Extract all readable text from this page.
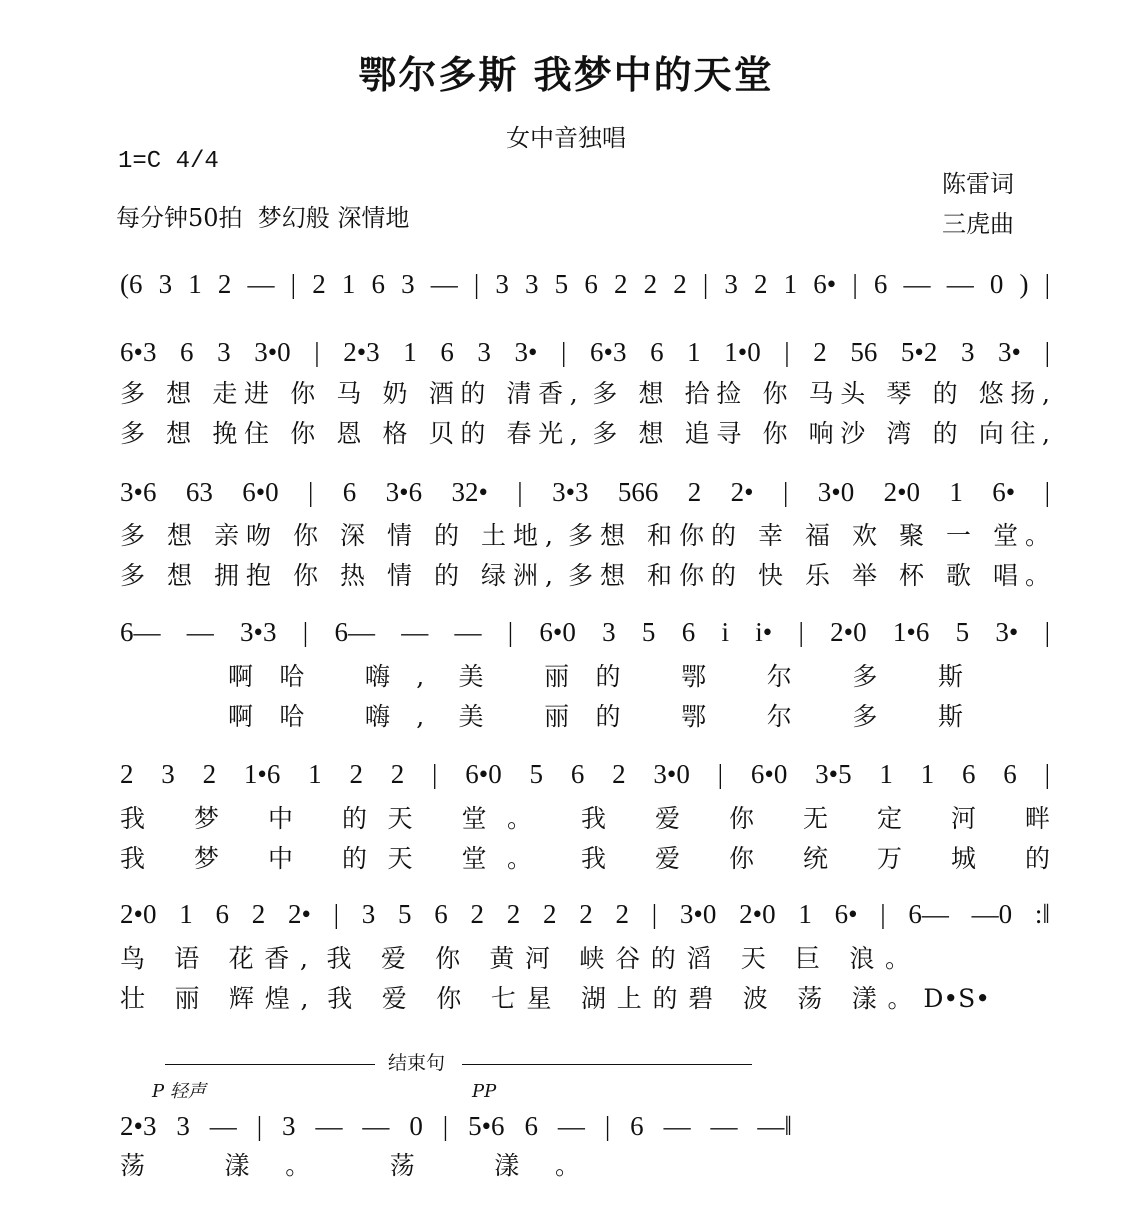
鄂尔多斯 我梦中的天堂
女中音独唱
1=C 4/4
每分钟50拍  梦幻般 深情地
陈雷词
三虎曲
(6 3 1 2 — | 2 1 6 3 — | 3 3 5 6 2 2 2 | 3 2 1 6• | 6 — — 0 ) |
6•3 6 3 3•0 | 2•3 1 6 3 3• | 6•3 6 1 1•0 | 2 56 5•2 3 3• |
多 想 走进 你 马 奶 酒的 清香, 多 想 拾捡 你 马头 琴 的 悠扬,
多 想 挽住 你 恩 格 贝的 春光, 多 想 追寻 你 响沙 湾 的 向往,
3•6 63 6•0 | 6 3•6 32• | 3•3 566 2 2• | 3•0 2•0 1 6• |
多 想 亲吻 你 深 情 的 土地, 多想 和你的 幸 福 欢 聚 一 堂。
多 想 拥抱 你 热 情 的 绿洲, 多想 和你的 快 乐 举 杯 歌 唱。
6— — 3•3 | 6— — — | 6•0 3 5 6 i i• | 2•0 1•6 5 3• |
啊哈 嗨, 美 丽的 鄂 尔 多 斯
啊哈 嗨, 美 丽的 鄂 尔 多 斯
2 3 2 1•6 1 2 2 | 6•0 5 6 2 3•0 | 6•0 3•5 1 1 6 6 |
我 梦 中 的天 堂。 我 爱 你 无 定 河 畔
我 梦 中 的天 堂。 我 爱 你 统 万 城 的
2•0 1 6 2 2• | 3 5 6 2 2 2 2 2 | 3•0 2•0 1 6• | 6— —0 :‖
鸟 语 花香, 我 爱 你 黄河 峡谷的滔 天 巨 浪。
壮 丽 辉煌, 我 爱 你 七星 湖上的碧 波 荡 漾。D•S•
结束句
P 轻声	PP
2•3 3 — | 3 — — 0 | 5•6 6 — | 6 — — —‖
荡 漾。 荡 漾。
